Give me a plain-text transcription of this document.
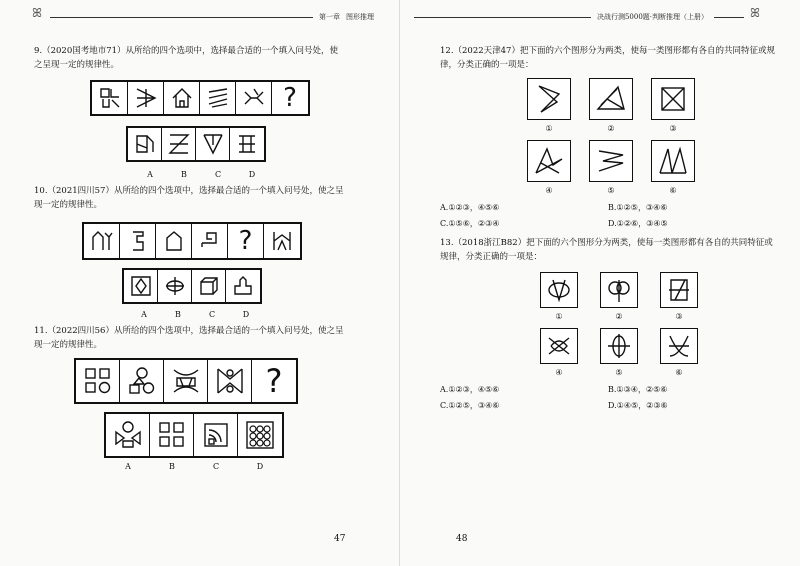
ꕤ	第一章 图形推理
9.（2020国考地市71）从所给的四个选项中，选择最合适的一个填入问号处，使之呈现一定的规律性。
?
A	B	C	D
10.（2021四川57）从所给的四个选项中，选择最合适的一个填入问号处，使之呈现一定的规律性。
?
A	B	C	D
11.（2022四川56）从所给的四个选项中，选择最合适的一个填入问号处，使之呈现一定的规律性。
?
A	B	C	D
47
决战行测5000题·判断推理（上册）	ꕤ
12.（2022天津47）把下面的六个图形分为两类，使每一类图形都有各自的共同特征或规律，分类正确的一项是：
①	②	③
④	⑤	⑥
A.①②③，④⑤⑥	B.①②⑤，③④⑥
C.①⑤⑥，②③④	D.①②⑥，③④⑤
13.（2018浙江B82）把下面的六个图形分为两类，使每一类图形都有各自的共同特征或规律，分类正确的一项是：
①	②	③
④	⑤	⑥
A.①②③，④⑤⑥	B.①③④，②⑤⑥
C.①②⑤，③④⑥	D.①④⑤，②③⑥
48
